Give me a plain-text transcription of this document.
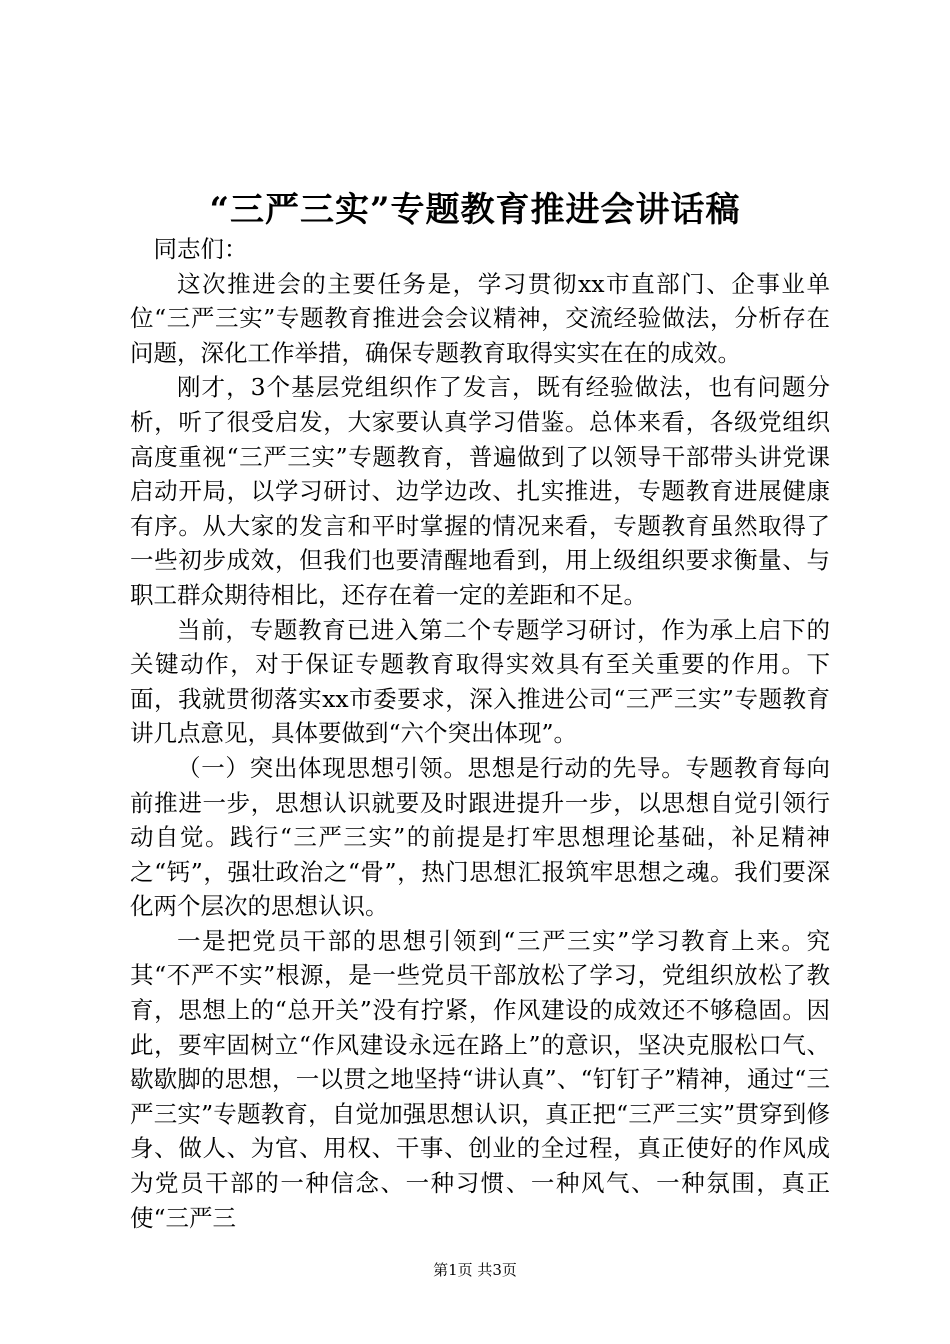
“三严三实”专题教育推进会讲话稿

同志们：

这次推进会的主要任务是，学习贯彻xx市直部门、企事业单位“三严三实”专题教育推进会会议精神，交流经验做法，分析存在问题，深化工作举措，确保专题教育取得实实在在的成效。

刚才，3个基层党组织作了发言，既有经验做法，也有问题分析，听了很受启发，大家要认真学习借鉴。总体来看，各级党组织高度重视“三严三实”专题教育，普遍做到了以领导干部带头讲党课启动开局，以学习研讨、边学边改、扎实推进，专题教育进展健康有序。从大家的发言和平时掌握的情况来看，专题教育虽然取得了一些初步成效，但我们也要清醒地看到，用上级组织要求衡量、与职工群众期待相比，还存在着一定的差距和不足。

当前，专题教育已进入第二个专题学习研讨，作为承上启下的关键动作，对于保证专题教育取得实效具有至关重要的作用。下面，我就贯彻落实xx市委要求，深入推进公司“三严三实”专题教育讲几点意见，具体要做到“六个突出体现”。

（一）突出体现思想引领。思想是行动的先导。专题教育每向前推进一步，思想认识就要及时跟进提升一步，以思想自觉引领行动自觉。践行“三严三实”的前提是打牢思想理论基础，补足精神之“钙”，强壮政治之“骨”，热门思想汇报筑牢思想之魂。我们要深化两个层次的思想认识。

一是把党员干部的思想引领到“三严三实”学习教育上来。究其“不严不实”根源，是一些党员干部放松了学习，党组织放松了教育，思想上的“总开关”没有拧紧，作风建设的成效还不够稳固。因此，要牢固树立“作风建设永远在路上”的意识，坚决克服松口气、歇歇脚的思想，一以贯之地坚持“讲认真”、“钉钉子”精神，通过“三严三实”专题教育，自觉加强思想认识，真正把“三严三实”贯穿到修身、做人、为官、用权、干事、创业的全过程，真正使好的作风成为党员干部的一种信念、一种习惯、一种风气、一种氛围，真正使“三严三

第1页 共3页
